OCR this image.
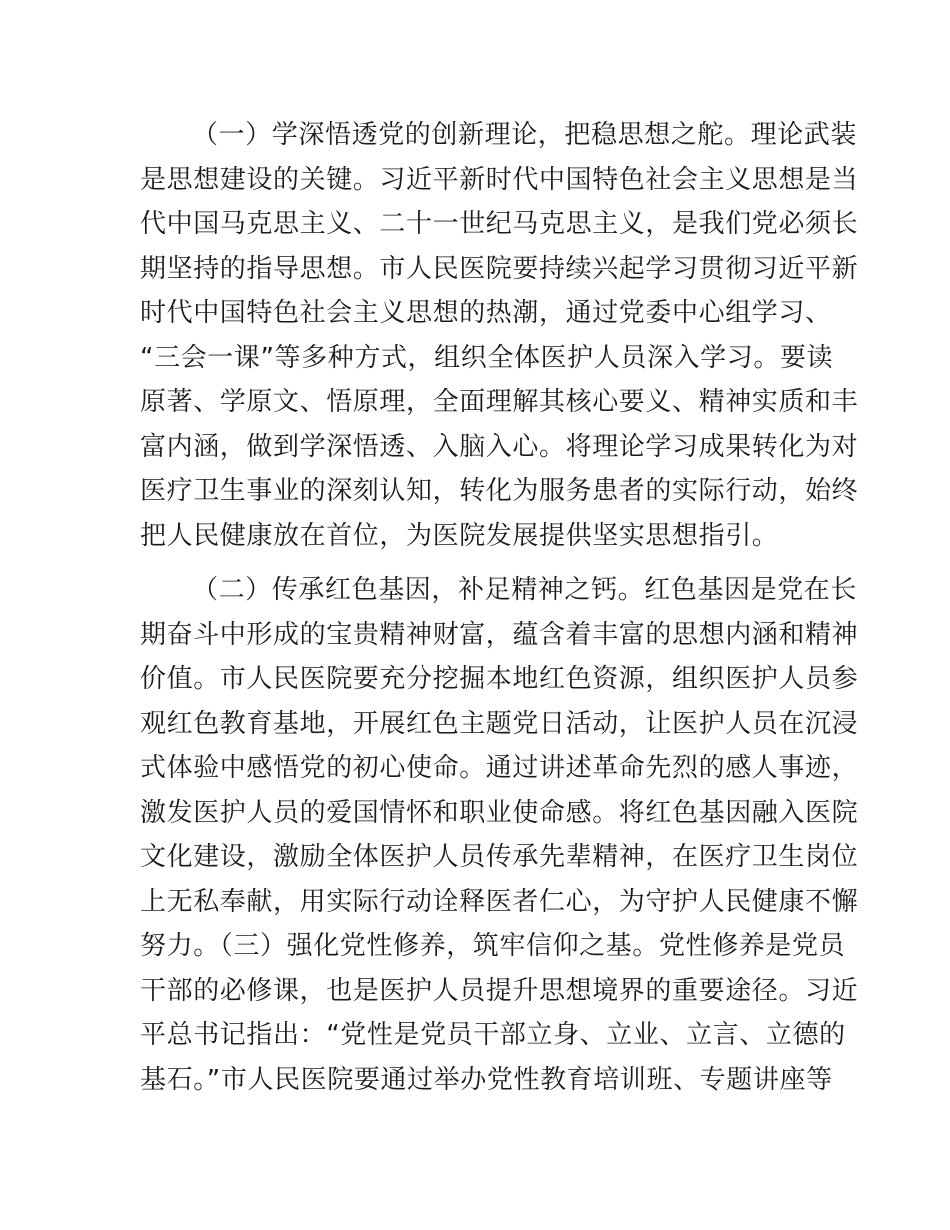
（一）学深悟透党的创新理论，把稳思想之舵。理论武装
是思想建设的关键。习近平新时代中国特色社会主义思想是当
代中国马克思主义、二十一世纪马克思主义，是我们党必须长
期坚持的指导思想。市人民医院要持续兴起学习贯彻习近平新
时代中国特色社会主义思想的热潮，通过党委中心组学习、
“三会一课”等多种方式，组织全体医护人员深入学习。要读
原著、学原文、悟原理，全面理解其核心要义、精神实质和丰
富内涵，做到学深悟透、入脑入心。将理论学习成果转化为对
医疗卫生事业的深刻认知，转化为服务患者的实际行动，始终
把人民健康放在首位，为医院发展提供坚实思想指引。
（二）传承红色基因，补足精神之钙。红色基因是党在长
期奋斗中形成的宝贵精神财富，蕴含着丰富的思想内涵和精神
价值。市人民医院要充分挖掘本地红色资源，组织医护人员参
观红色教育基地，开展红色主题党日活动，让医护人员在沉浸
式体验中感悟党的初心使命。通过讲述革命先烈的感人事迹，
激发医护人员的爱国情怀和职业使命感。将红色基因融入医院
文化建设，激励全体医护人员传承先辈精神，在医疗卫生岗位
上无私奉献，用实际行动诠释医者仁心，为守护人民健康不懈
努力。（三）强化党性修养，筑牢信仰之基。党性修养是党员
干部的必修课，也是医护人员提升思想境界的重要途径。习近
平总书记指出：“党性是党员干部立身、立业、立言、立德的
基石。”市人民医院要通过举办党性教育培训班、专题讲座等
